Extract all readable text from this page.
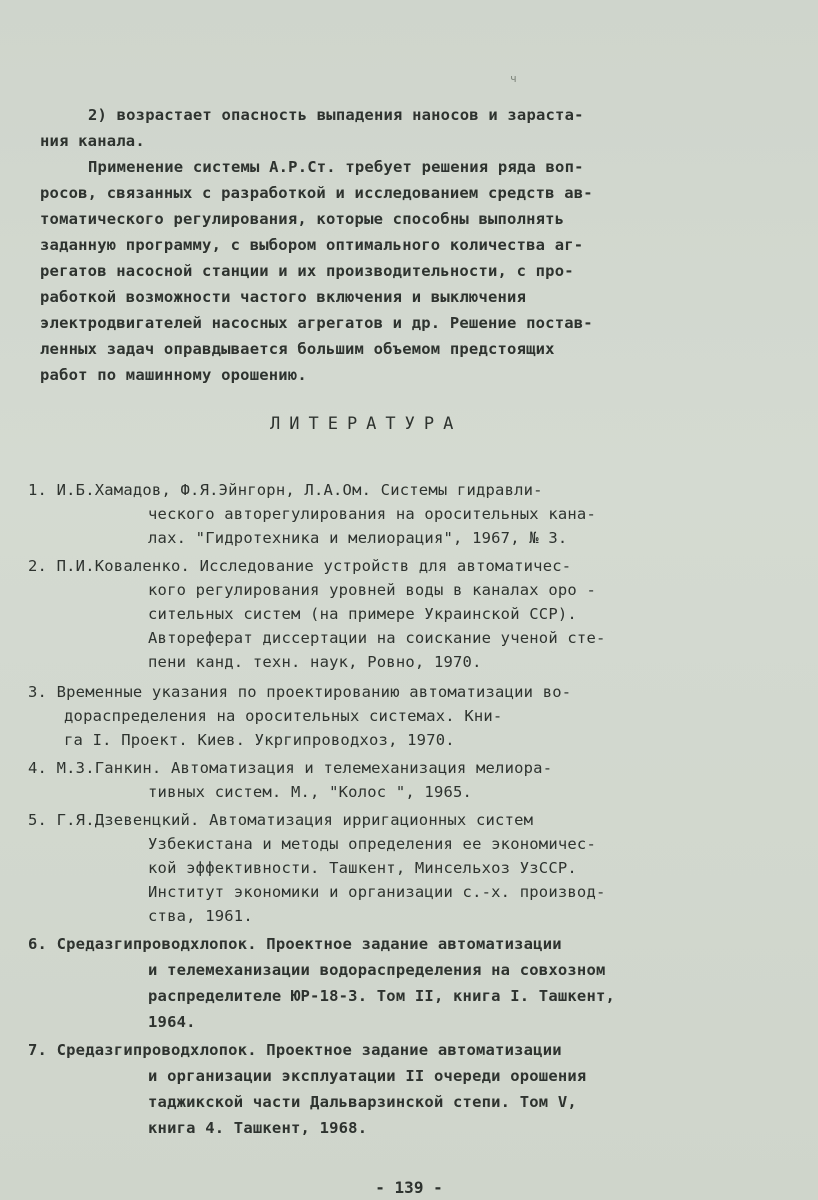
ч
2) возрастает опасность выпадения наносов и зараста-
ния канала.
Применение системы А.Р.Ст. требует решения ряда воп-
росов, связанных с разработкой и исследованием средств ав-
томатического регулирования, которые способны выполнять
заданную программу, с выбором оптимального количества аг-
регатов насосной станции и их производительности, с про-
работкой возможности частого включения и выключения
электродвигателей насосных агрегатов и др. Решение постав-
ленных задач оправдывается большим объемом предстоящих
работ по машинному орошению.
ЛИТЕРАТУРА
1. И.Б.Хамадов, Ф.Я.Эйнгорн, Л.А.Ом. Системы гидравли-
ческого авторегулирования на оросительных кана-
лах. "Гидротехника и мелиорация", 1967, № 3.
2. П.И.Коваленко. Исследование устройств для автоматичес-
кого регулирования уровней воды в каналах оро -
сительных систем (на примере Украинской ССР).
Автореферат диссертации на соискание ученой сте-
пени канд. техн. наук, Ровно, 1970.
3. Временные указания по проектированию автоматизации во-
дораспределения на оросительных системах. Кни-
га I. Проект. Киев. Укргипроводхоз, 1970.
4. М.З.Ганкин. Автоматизация и телемеханизация мелиора-
тивных систем. М., "Колос ", 1965.
5. Г.Я.Дзевенцкий. Автоматизация ирригационных систем
Узбекистана и методы определения ее экономичес-
кой эффективности. Ташкент, Минсельхоз УзССР.
Институт экономики и организации с.-х. производ-
ства, 1961.
6. Средазгипроводхлопок. Проектное задание автоматизации
и телемеханизации водораспределения на совхозном
распределителе ЮР-18-3. Том II, книга I. Ташкент,
1964.
7. Средазгипроводхлопок. Проектное задание автоматизации
и организации эксплуатации II очереди орошения
таджикской части Дальварзинской степи. Том V,
книга 4. Ташкент, 1968.
- 139 -
